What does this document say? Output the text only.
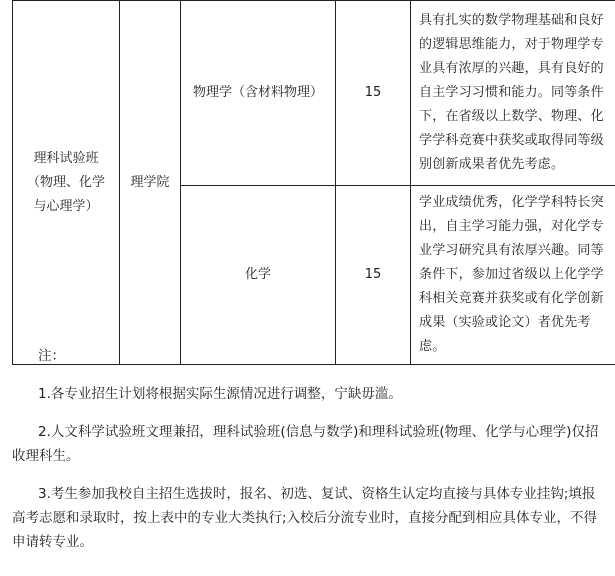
理科试验班（物理、化学与心理学）	理学院	物理学（含材料物理）	15	具有扎实的数学物理基础和良好的逻辑思维能力，对于物理学专业具有浓厚的兴趣，具有良好的自主学习习惯和能力。同等条件下，在省级以上数学、物理、化学学科竞赛中获奖或取得同等级别创新成果者优先考虑。

		化学	15	学业成绩优秀，化学学科特长突出，自主学习能力强，对化学专业学习研究具有浓厚兴趣。同等条件下，参加过省级以上化学学科相关竞赛并获奖或有化学创新成果（实验或论文）者优先考虑。

注：

1.各专业招生计划将根据实际生源情况进行调整，宁缺毋滥。

2.人文科学试验班文理兼招，理科试验班(信息与数学)和理科试验班(物理、化学与心理学)仅招收理科生。

3.考生参加我校自主招生选拔时，报名、初选、复试、资格生认定均直接与具体专业挂钩;填报高考志愿和录取时，按上表中的专业大类执行;入校后分流专业时，直接分配到相应具体专业，不得申请转专业。
